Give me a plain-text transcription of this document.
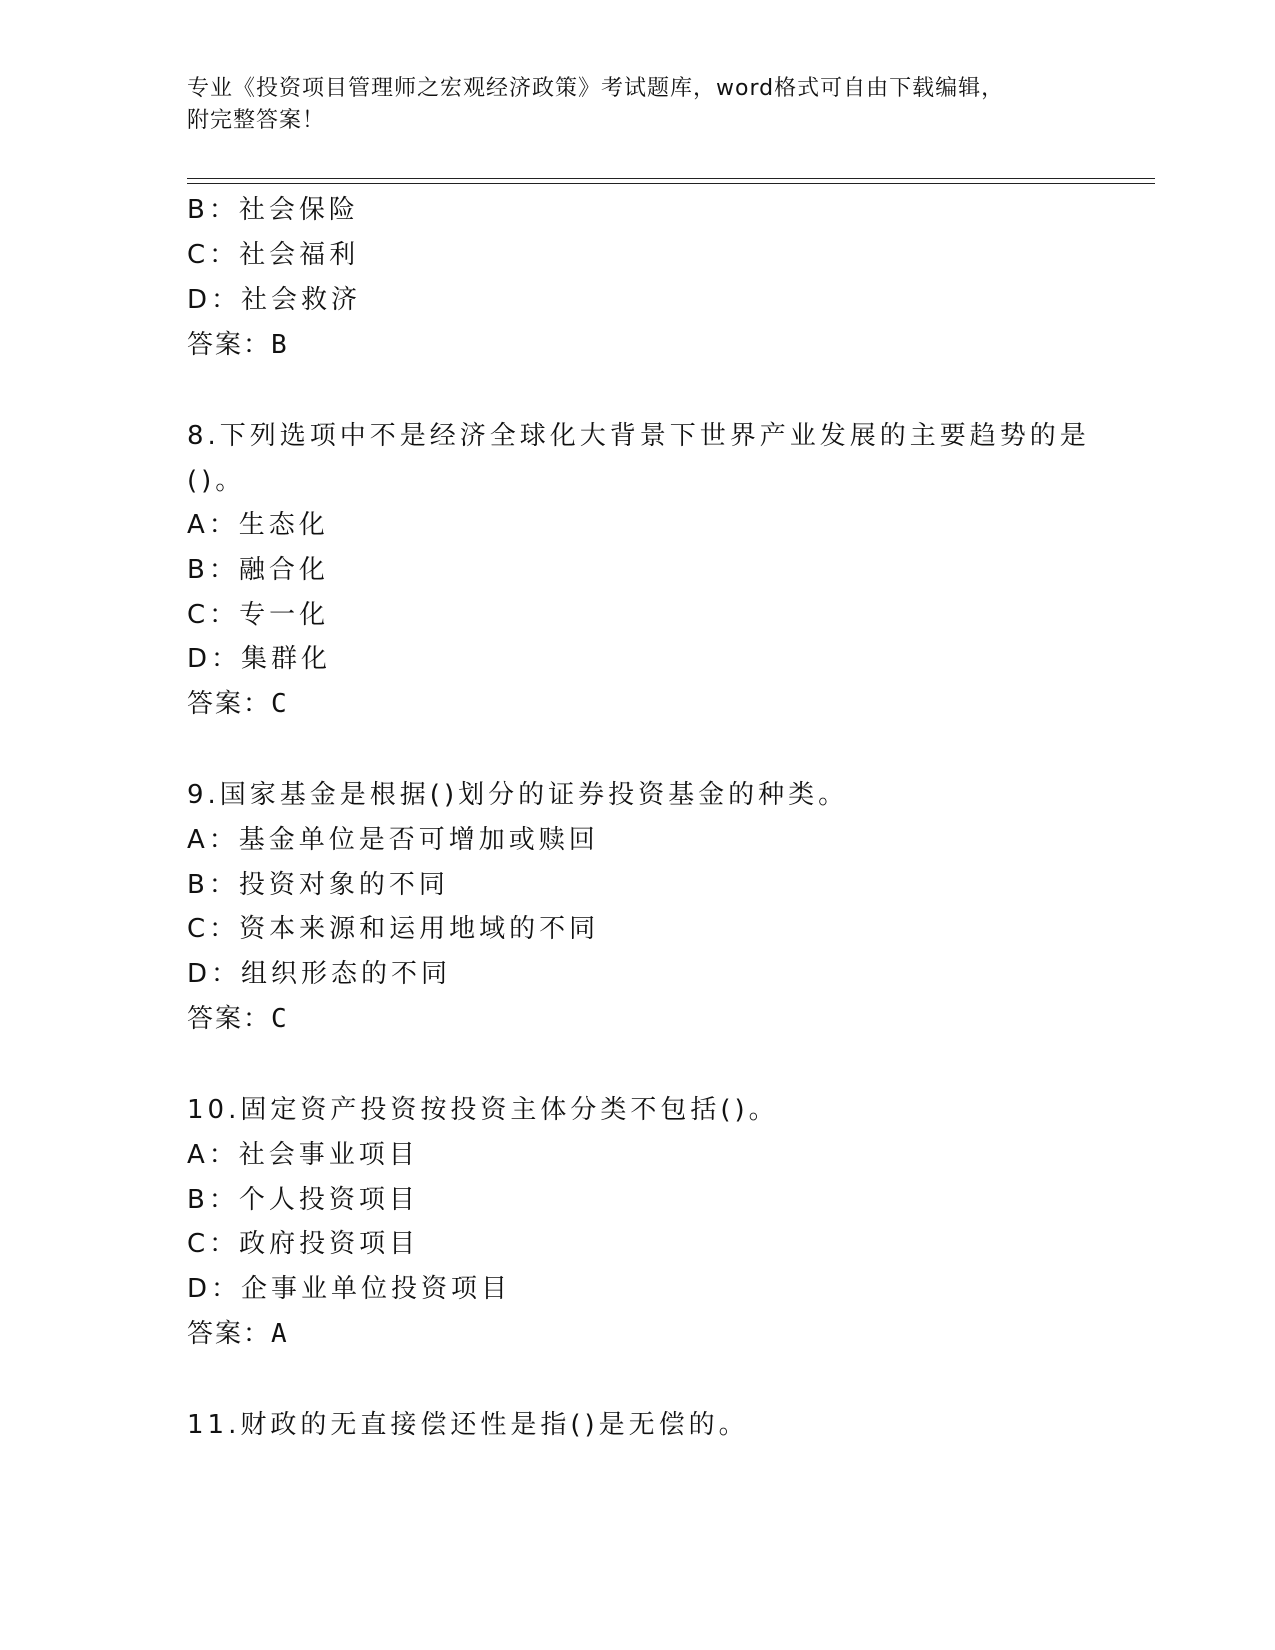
专业《投资项目管理师之宏观经济政策》考试题库，word格式可自由下载编辑，
附完整答案！
B：社会保险
C：社会福利
D：社会救济
答案：B
8.下列选项中不是经济全球化大背景下世界产业发展的主要趋势的是
()。
A：生态化
B：融合化
C：专一化
D：集群化
答案：C
9.国家基金是根据()划分的证券投资基金的种类。
A：基金单位是否可增加或赎回
B：投资对象的不同
C：资本来源和运用地域的不同
D：组织形态的不同
答案：C
10.固定资产投资按投资主体分类不包括()。
A：社会事业项目
B：个人投资项目
C：政府投资项目
D：企事业单位投资项目
答案：A
11.财政的无直接偿还性是指()是无偿的。
